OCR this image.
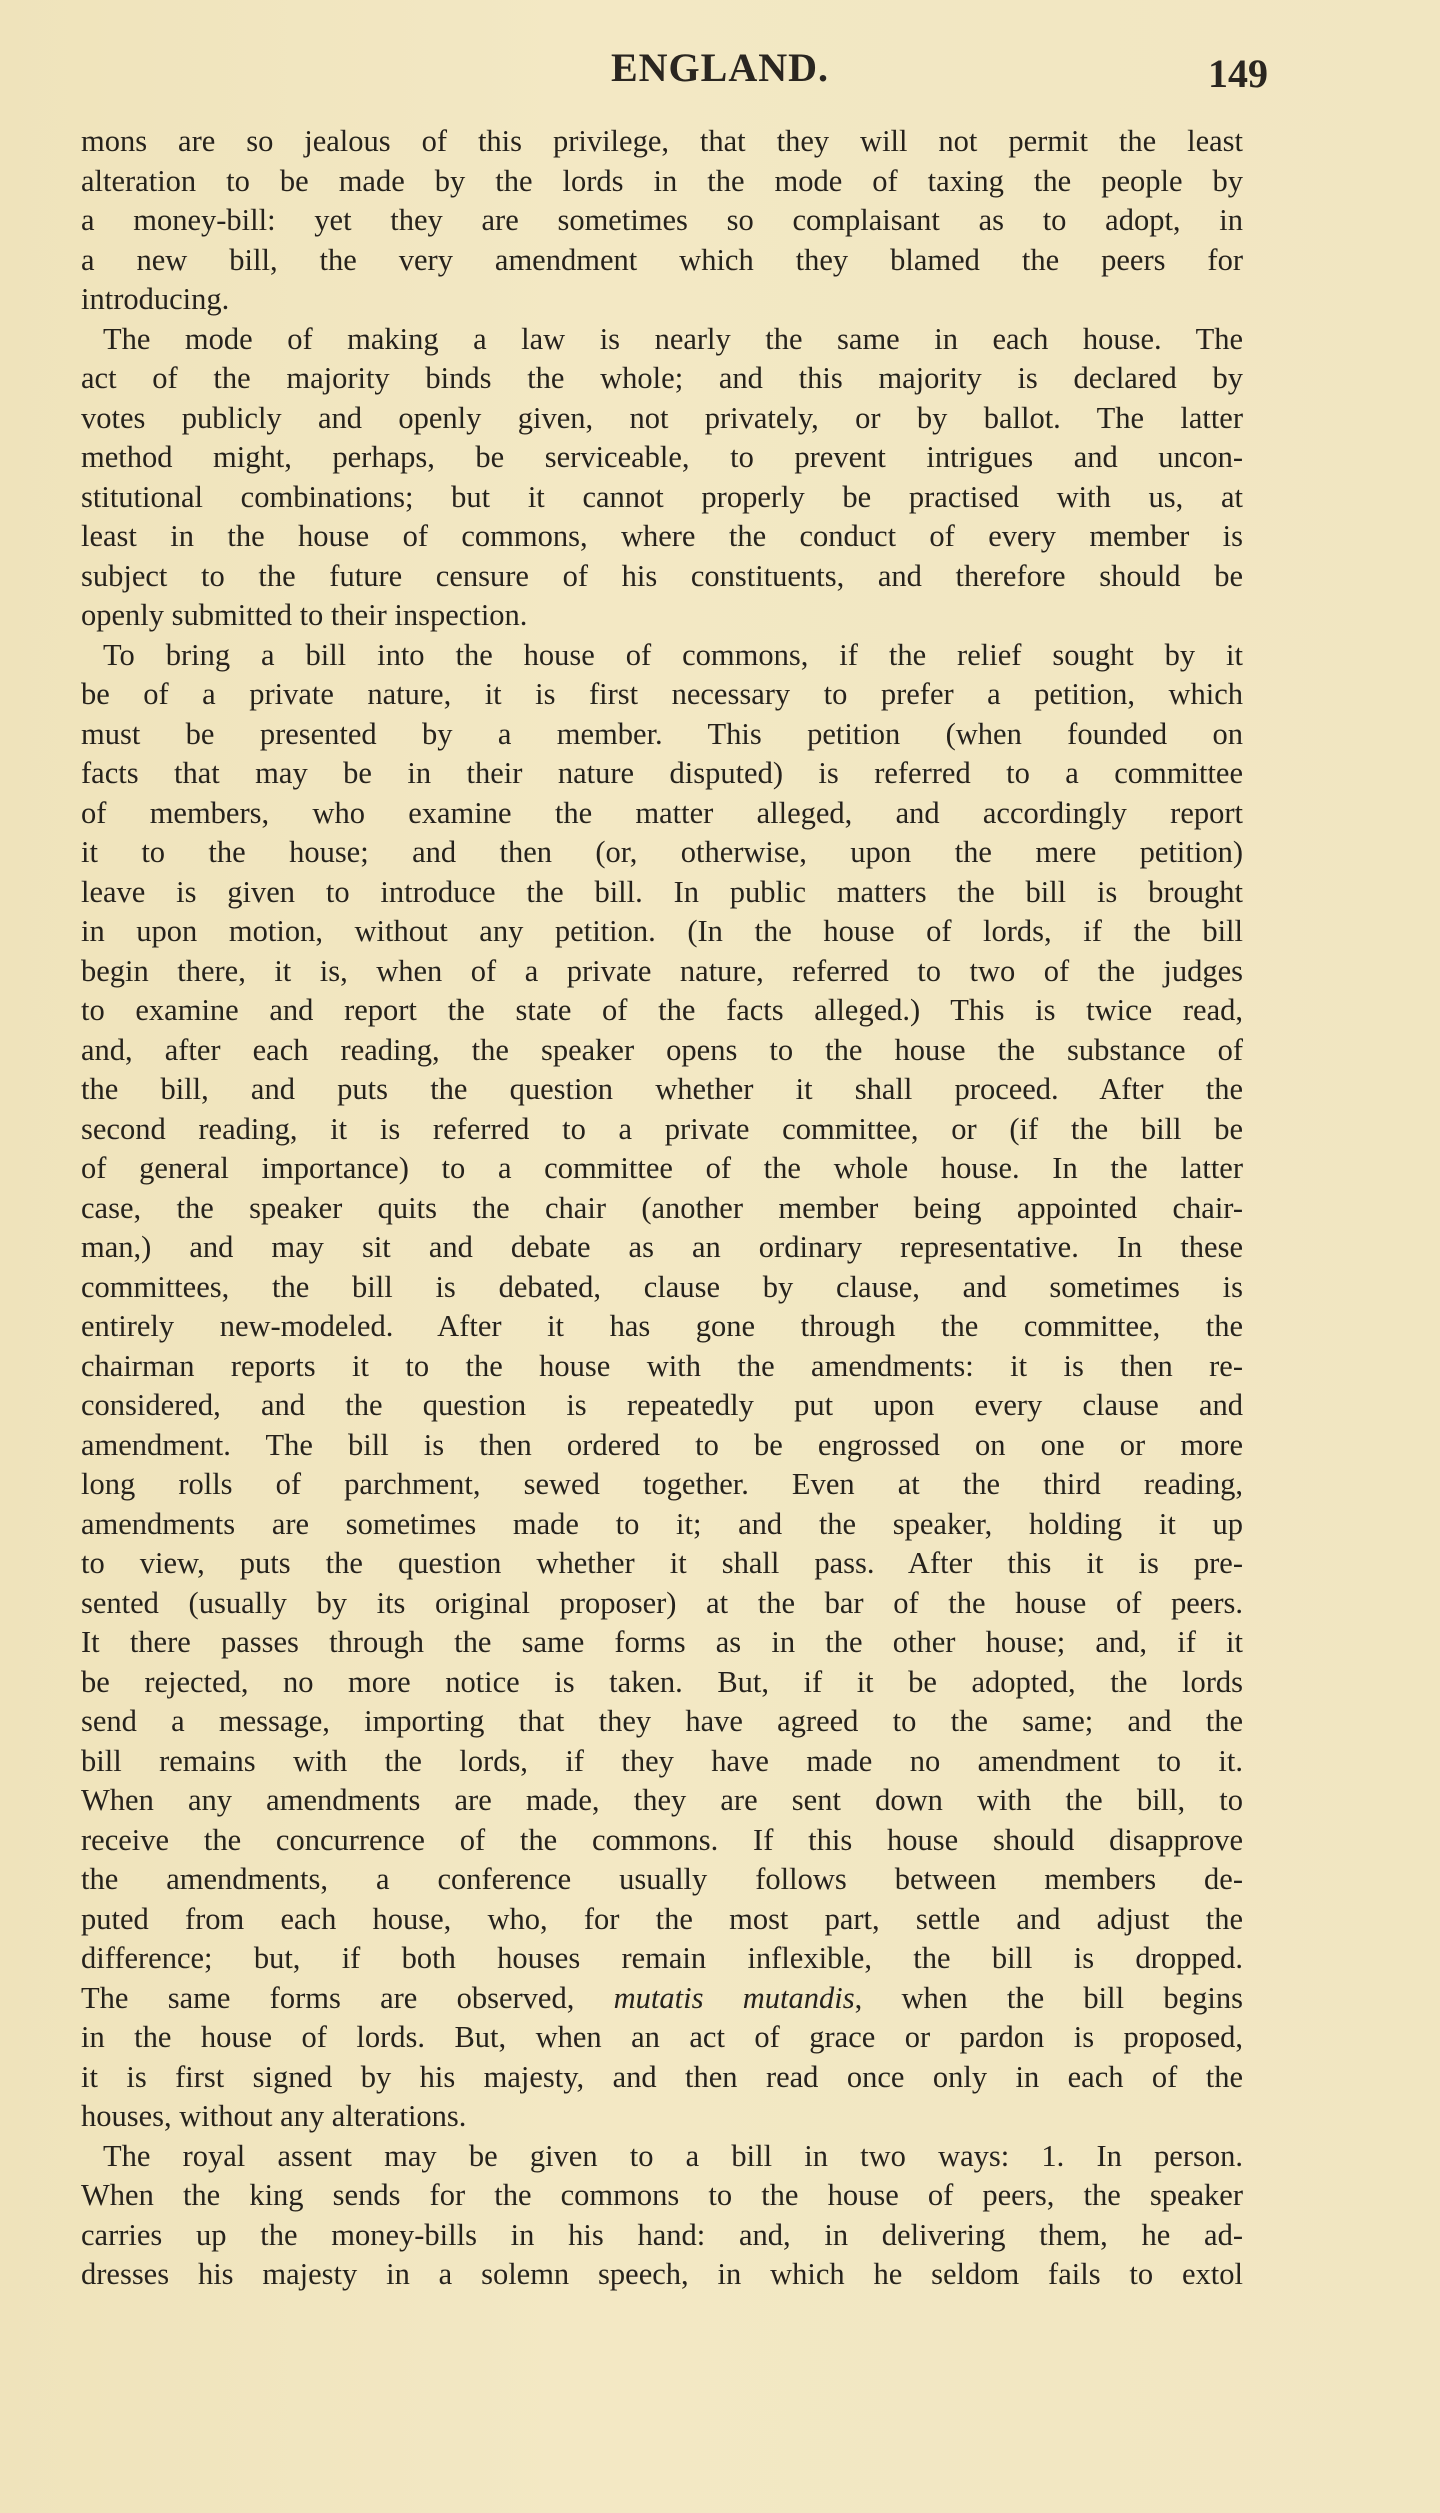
ENGLAND.	149
mons are so jealous of this privilege, that they will not permit the least
alteration to be made by the lords in the mode of taxing the people by
a money-bill: yet they are sometimes so complaisant as to adopt, in
a new bill, the very amendment which they blamed the peers for
introducing.
The mode of making a law is nearly the same in each house. The
act of the majority binds the whole; and this majority is declared by
votes publicly and openly given, not privately, or by ballot. The latter
method might, perhaps, be serviceable, to prevent intrigues and uncon-
stitutional combinations; but it cannot properly be practised with us, at
least in the house of commons, where the conduct of every member is
subject to the future censure of his constituents, and therefore should be
openly submitted to their inspection.
To bring a bill into the house of commons, if the relief sought by it
be of a private nature, it is first necessary to prefer a petition, which
must be presented by a member. This petition (when founded on
facts that may be in their nature disputed) is referred to a committee
of members, who examine the matter alleged, and accordingly report
it to the house; and then (or, otherwise, upon the mere petition)
leave is given to introduce the bill. In public matters the bill is brought
in upon motion, without any petition. (In the house of lords, if the bill
begin there, it is, when of a private nature, referred to two of the judges
to examine and report the state of the facts alleged.) This is twice read,
and, after each reading, the speaker opens to the house the substance of
the bill, and puts the question whether it shall proceed. After the
second reading, it is referred to a private committee, or (if the bill be
of general importance) to a committee of the whole house. In the latter
case, the speaker quits the chair (another member being appointed chair-
man,) and may sit and debate as an ordinary representative. In these
committees, the bill is debated, clause by clause, and sometimes is
entirely new-modeled. After it has gone through the committee, the
chairman reports it to the house with the amendments: it is then re-
considered, and the question is repeatedly put upon every clause and
amendment. The bill is then ordered to be engrossed on one or more
long rolls of parchment, sewed together. Even at the third reading,
amendments are sometimes made to it; and the speaker, holding it up
to view, puts the question whether it shall pass. After this it is pre-
sented (usually by its original proposer) at the bar of the house of peers.
It there passes through the same forms as in the other house; and, if it
be rejected, no more notice is taken. But, if it be adopted, the lords
send a message, importing that they have agreed to the same; and the
bill remains with the lords, if they have made no amendment to it.
When any amendments are made, they are sent down with the bill, to
receive the concurrence of the commons. If this house should disapprove
the amendments, a conference usually follows between members de-
puted from each house, who, for the most part, settle and adjust the
difference; but, if both houses remain inflexible, the bill is dropped.
The same forms are observed, mutatis mutandis, when the bill begins
in the house of lords. But, when an act of grace or pardon is proposed,
it is first signed by his majesty, and then read once only in each of the
houses, without any alterations.
The royal assent may be given to a bill in two ways: 1. In person.
When the king sends for the commons to the house of peers, the speaker
carries up the money-bills in his hand: and, in delivering them, he ad-
dresses his majesty in a solemn speech, in which he seldom fails to extol
